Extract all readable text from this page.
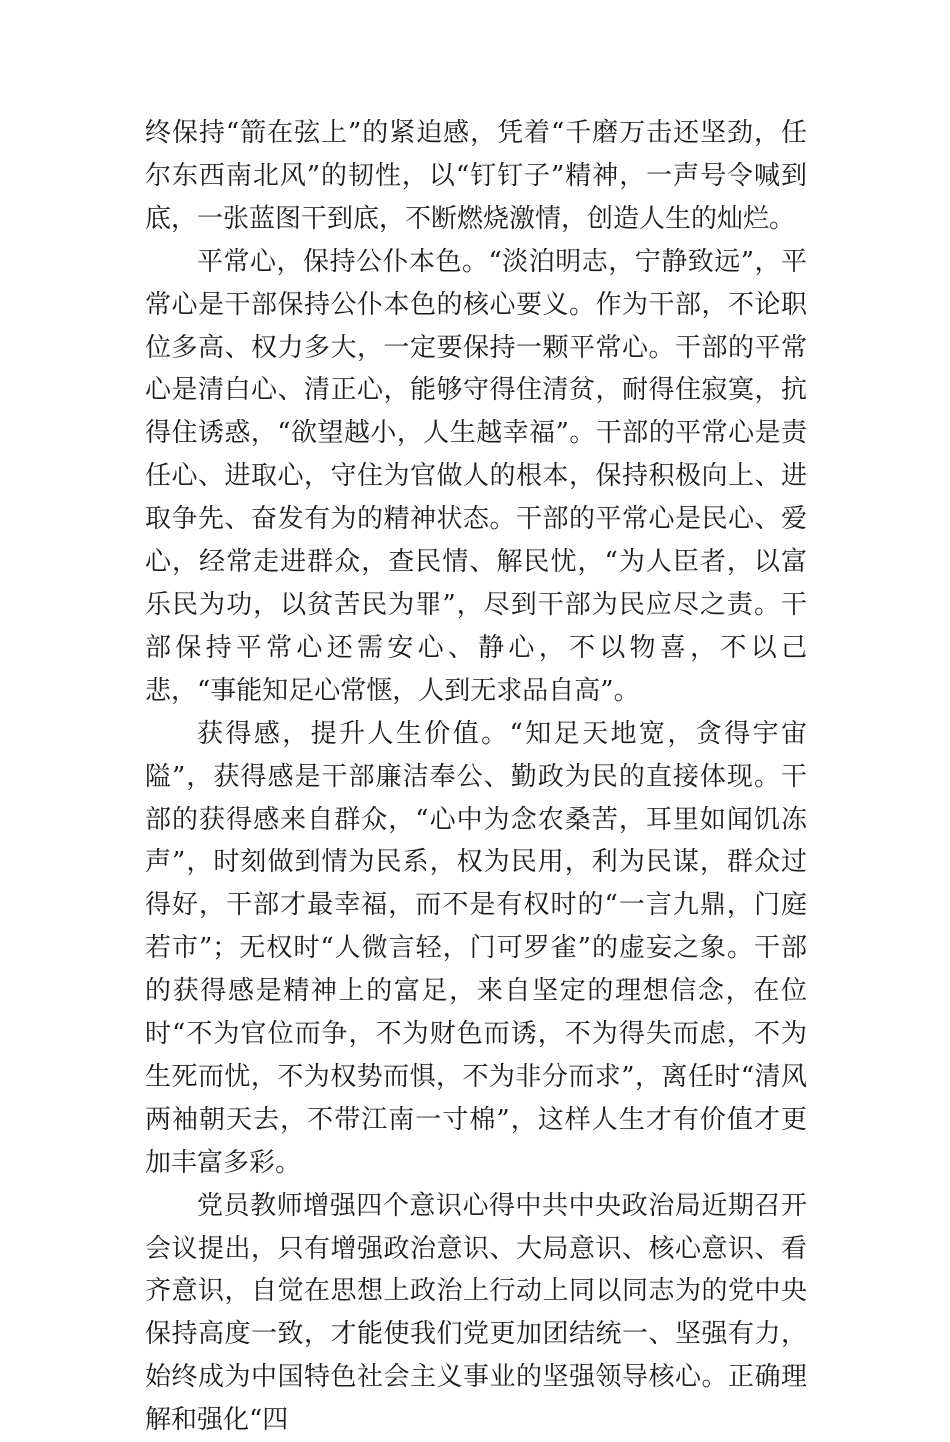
终保持“箭在弦上”的紧迫感，凭着“千磨万击还坚劲，任尔东西南北风”的韧性，以“钉钉子”精神，一声号令喊到底，一张蓝图干到底，不断燃烧激情，创造人生的灿烂。

平常心，保持公仆本色。“淡泊明志，宁静致远”，平常心是干部保持公仆本色的核心要义。作为干部，不论职位多高、权力多大，一定要保持一颗平常心。干部的平常心是清白心、清正心，能够守得住清贫，耐得住寂寞，抗得住诱惑，“欲望越小，人生越幸福”。干部的平常心是责任心、进取心，守住为官做人的根本，保持积极向上、进取争先、奋发有为的精神状态。干部的平常心是民心、爱心，经常走进群众，查民情、解民忧，“为人臣者，以富乐民为功，以贫苦民为罪”，尽到干部为民应尽之责。干部保持平常心还需安心、静心，不以物喜，不以己悲，“事能知足心常惬，人到无求品自高”。

获得感，提升人生价值。“知足天地宽，贪得宇宙隘”，获得感是干部廉洁奉公、勤政为民的直接体现。干部的获得感来自群众，“心中为念农桑苦，耳里如闻饥冻声”，时刻做到情为民系，权为民用，利为民谋，群众过得好，干部才最幸福，而不是有权时的“一言九鼎，门庭若市”；无权时“人微言轻，门可罗雀”的虚妄之象。干部的获得感是精神上的富足，来自坚定的理想信念，在位时“不为官位而争，不为财色而诱，不为得失而虑，不为生死而忧，不为权势而惧，不为非分而求”，离任时“清风两袖朝天去，不带江南一寸棉”，这样人生才有价值才更加丰富多彩。

党员教师增强四个意识心得中共中央政治局近期召开会议提出，只有增强政治意识、大局意识、核心意识、看齐意识，自觉在思想上政治上行动上同以同志为的党中央保持高度一致，才能使我们党更加团结统一、坚强有力，始终成为中国特色社会主义事业的坚强领导核心。正确理解和强化“四
